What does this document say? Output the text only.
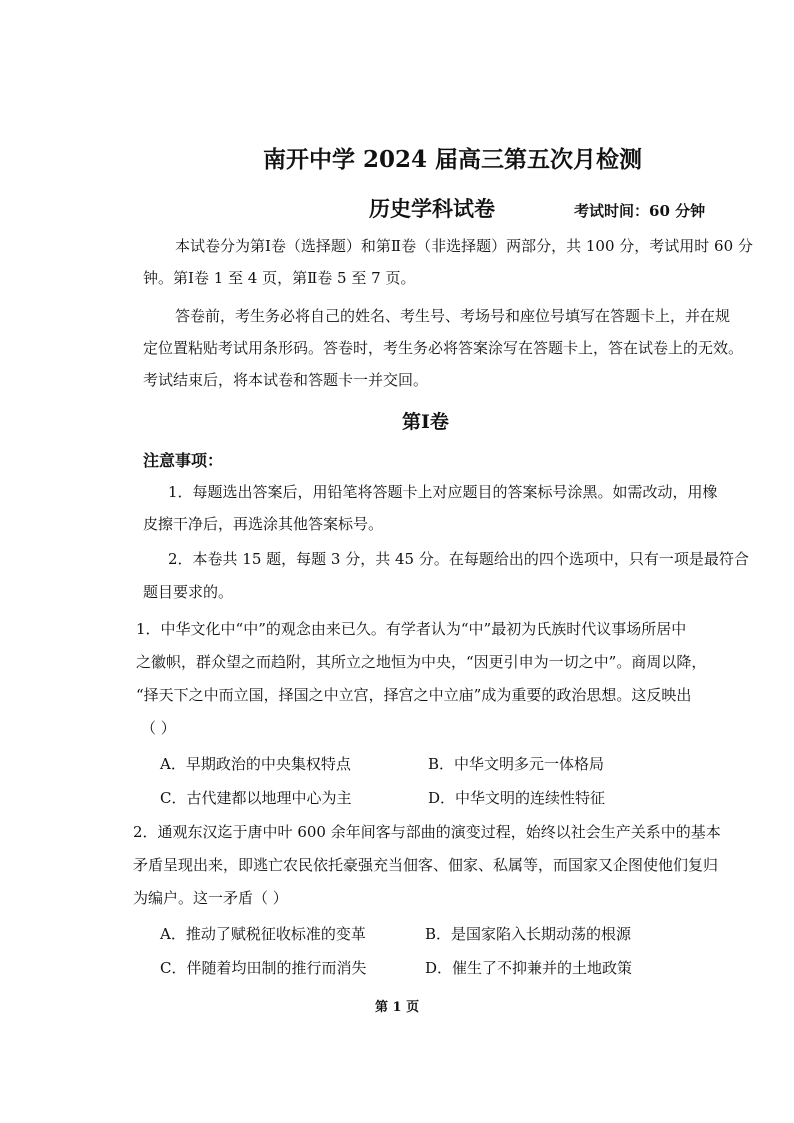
南开中学 2024 届高三第五次月检测
历史学科试卷	考试时间：60 分钟
本试卷分为第Ⅰ卷（选择题）和第Ⅱ卷（非选择题）两部分，共 100 分，考试用时 60 分
钟。第Ⅰ卷 1 至 4 页，第Ⅱ卷 5 至 7 页。
答卷前，考生务必将自己的姓名、考生号、考场号和座位号填写在答题卡上，并在规
定位置粘贴考试用条形码。答卷时，考生务必将答案涂写在答题卡上，答在试卷上的无效。
考试结束后，将本试卷和答题卡一并交回。
第Ⅰ卷
注意事项：
1．每题选出答案后，用铅笔将答题卡上对应题目的答案标号涂黑。如需改动，用橡
皮擦干净后，再选涂其他答案标号。
2．本卷共 15 题，每题 3 分，共 45 分。在每题给出的四个选项中，只有一项是最符合
题目要求的。
1．中华文化中“中”的观念由来已久。有学者认为“中”最初为氏族时代议事场所居中
之徽帜，群众望之而趋附，其所立之地恒为中央，“因更引申为一切之中”。商周以降，
“择天下之中而立国，择国之中立宫，择宫之中立庙”成为重要的政治思想。这反映出
（ ）
A．早期政治的中央集权特点	B．中华文明多元一体格局
C．古代建都以地理中心为主	D．中华文明的连续性特征
2．通观东汉迄于唐中叶 600 余年间客与部曲的演变过程，始终以社会生产关系中的基本
矛盾呈现出来，即逃亡农民依托豪强充当佃客、佃家、私属等，而国家又企图使他们复归
为编户。这一矛盾（ ）
A．推动了赋税征收标准的变革	B．是国家陷入长期动荡的根源
C．伴随着均田制的推行而消失	D．催生了不抑兼并的土地政策
第 1 页
